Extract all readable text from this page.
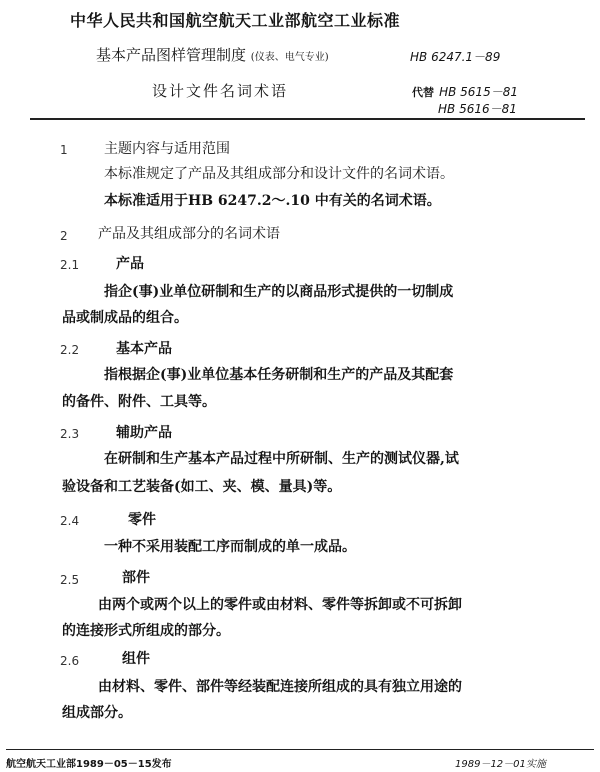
中华人民共和国航空航天工业部航空工业标准
基本产品图样管理制度 (仪表、电气专业)	HB 6247.1－89
设计文件名词术语	代替 HB 5615－81
HB 5616－81
1	主题内容与适用范围
本标准规定了产品及其组成部分和设计文件的名词术语。
本标准适用于HB 6247.2～.10 中有关的名词术语。
2 产品及其组成部分的名词术语
2.1	产品
指企(事)业单位研制和生产的以商品形式提供的一切制成
品或制成品的组合。
2.2	基本产品
指根据企(事)业单位基本任务研制和生产的产品及其配套
的备件、附件、工具等。
2.3	辅助产品
在研制和生产基本产品过程中所研制、生产的测试仪器,试
验设备和工艺装备(如工、夹、模、量具)等。
2.4	零件
一种不采用装配工序而制成的单一成品。
2.5	部件
由两个或两个以上的零件或由材料、零件等拆卸或不可拆卸
的连接形式所组成的部分。
2.6	组件
由材料、零件、部件等经装配连接所组成的具有独立用途的
组成部分。
航空航天工业部1989－05－15发布	1989－12－01实施
